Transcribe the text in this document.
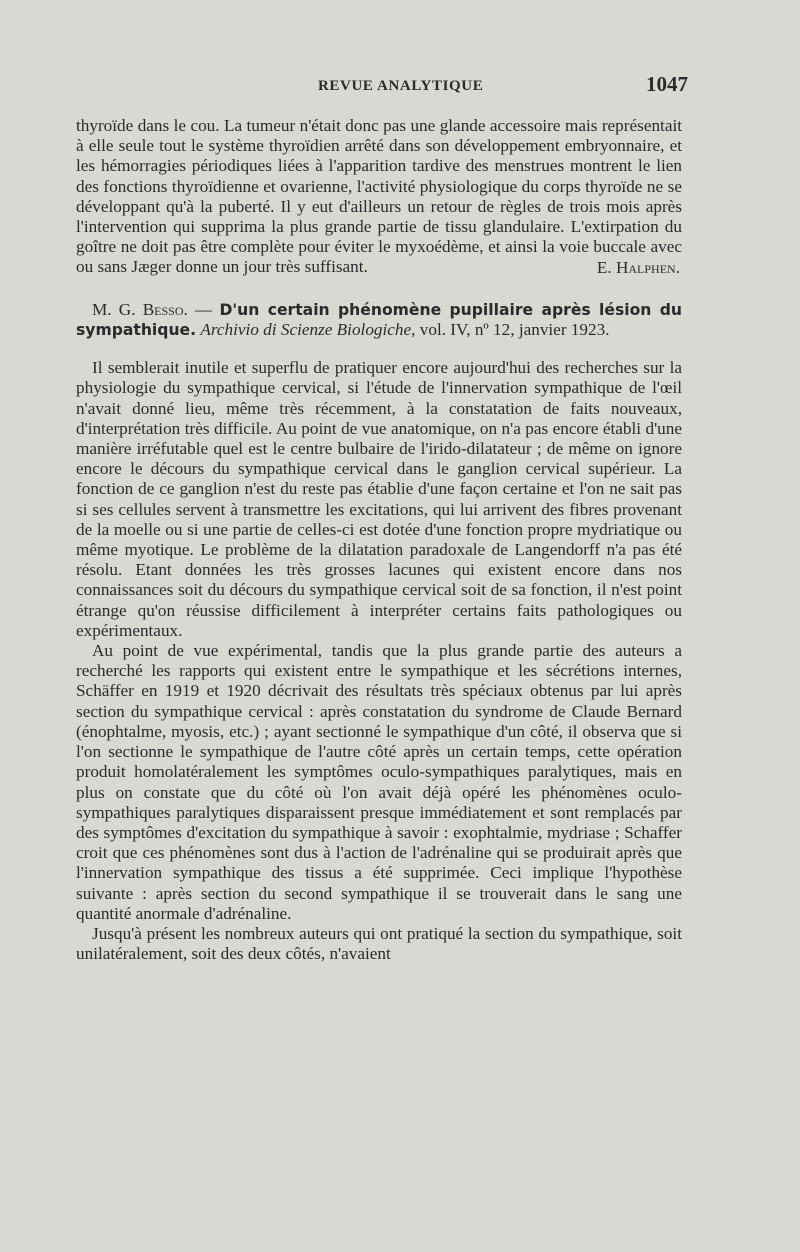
REVUE ANALYTIQUE	1047

thyroïde dans le cou. La tumeur n'était donc pas une glande accessoire mais représentait à elle seule tout le système thyroïdien arrêté dans son développement embryonnaire, et les hémorragies périodiques liées à l'apparition tardive des menstrues montrent le lien des fonctions thyroïdienne et ovarienne, l'activité physiologique du corps thyroïde ne se développant qu'à la puberté. Il y eut d'ailleurs un retour de règles de trois mois après l'intervention qui supprima la plus grande partie de tissu glandulaire. L'extirpation du goître ne doit pas être complète pour éviter le myxoédème, et ainsi la voie buccale avec ou sans Jæger donne un jour très suffisant.	E. Halphen.
M. G. Besso. — D'un certain phénomène pupillaire après lésion du sympathique. Archivio di Scienze Biologiche, vol. IV, nº 12, janvier 1923.

Il semblerait inutile et superflu de pratiquer encore aujourd'hui des recherches sur la physiologie du sympathique cervical, si l'étude de l'innervation sympathique de l'œil n'avait donné lieu, même très récemment, à la constatation de faits nouveaux, d'interprétation très difficile. Au point de vue anatomique, on n'a pas encore établi d'une manière irréfutable quel est le centre bulbaire de l'irido-dilatateur ; de même on ignore encore le décours du sympathique cervical dans le ganglion cervical supérieur. La fonction de ce ganglion n'est du reste pas établie d'une façon certaine et l'on ne sait pas si ses cellules servent à transmettre les excitations, qui lui arrivent des fibres provenant de la moelle ou si une partie de celles-ci est dotée d'une fonction propre mydriatique ou même myotique. Le problème de la dilatation paradoxale de Langendorff n'a pas été résolu. Etant données les très grosses lacunes qui existent encore dans nos connaissances soit du décours du sympathique cervical soit de sa fonction, il n'est point étrange qu'on réussise difficilement à interpréter certains faits pathologiques ou expérimentaux.

Au point de vue expérimental, tandis que la plus grande partie des auteurs a recherché les rapports qui existent entre le sympathique et les sécrétions internes, Schäffer en 1919 et 1920 décrivait des résultats très spéciaux obtenus par lui après section du sympathique cervical : après constatation du syndrome de Claude Bernard (énophtalme, myosis, etc.) ; ayant sectionné le sympathique d'un côté, il observa que si l'on sectionne le sympathique de l'autre côté après un certain temps, cette opération produit homolatéralement les symptômes oculo-sympathiques paralytiques, mais en plus on constate que du côté où l'on avait déjà opéré les phénomènes oculo-sympathiques paralytiques disparaissent presque immédiatement et sont remplacés par des symptômes d'excitation du sympathique à savoir : exophtalmie, mydriase ; Schaffer croit que ces phénomènes sont dus à l'action de l'adrénaline qui se produirait après que l'innervation sympathique des tissus a été supprimée. Ceci implique l'hypothèse suivante : après section du second sympathique il se trouverait dans le sang une quantité anormale d'adrénaline.

Jusqu'à présent les nombreux auteurs qui ont pratiqué la section du sympathique, soit unilatéralement, soit des deux côtés, n'avaient
